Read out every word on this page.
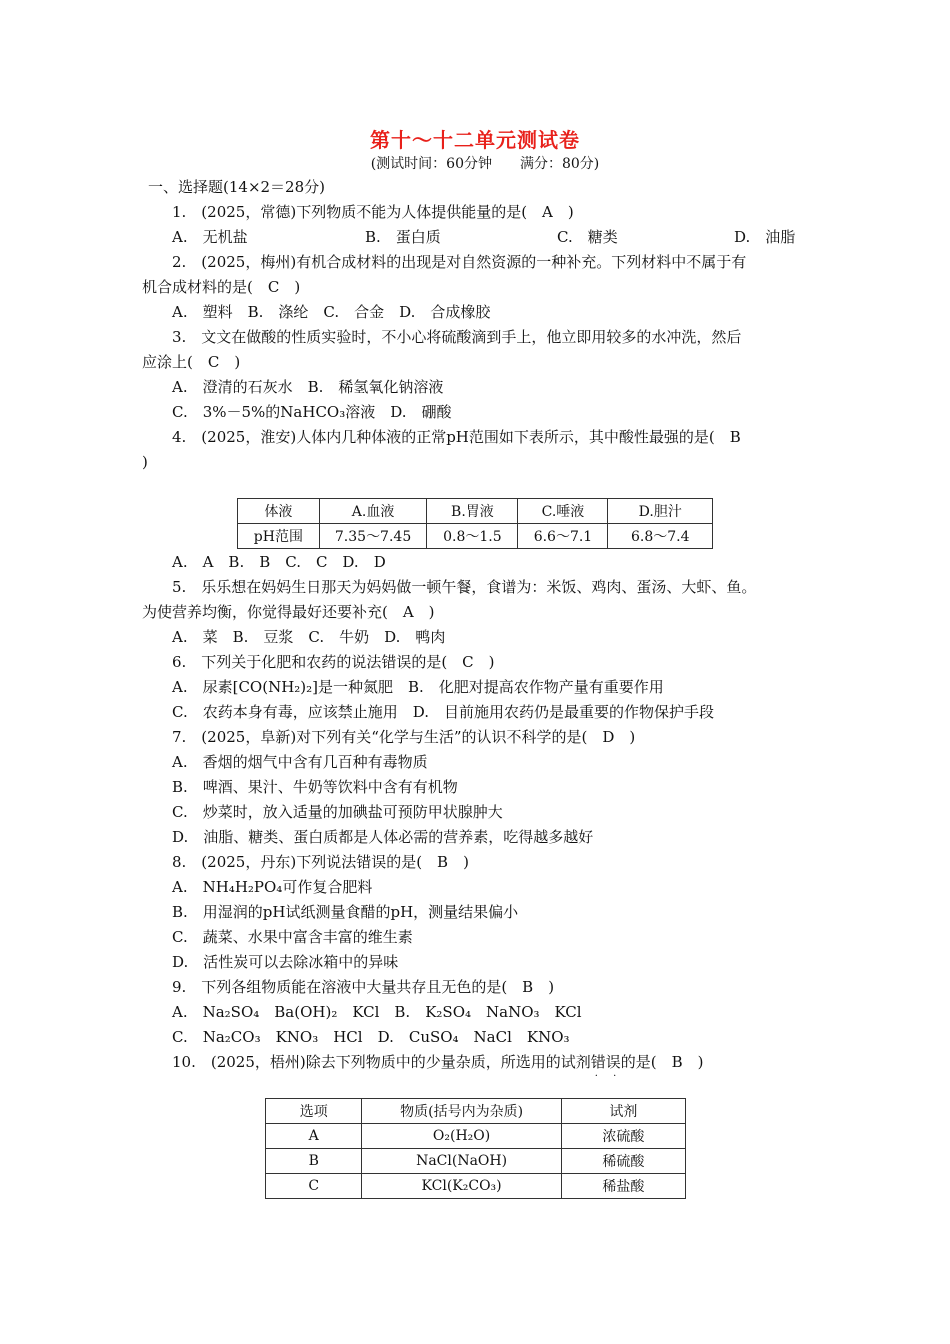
第十～十二单元测试卷
(测试时间：60分钟　　满分：80分)
一、选择题(14×2＝28分)
1.　(2025，常德)下列物质不能为人体提供能量的是(　A　)
A.　无机盐	B.　蛋白质	C.　糖类	D.　油脂
2.　(2025，梅州)有机合成材料的出现是对自然资源的一种补充。下列材料中不属于有
机合成材料的是(　C　)
A.　塑料　B.　涤纶　C.　合金　D.　合成橡胶
3.　文文在做酸的性质实验时，不小心将硫酸滴到手上，他立即用较多的水冲洗，然后
应涂上(　C　)
A.　澄清的石灰水　B.　稀氢氧化钠溶液
C.　3%－5%的NaHCO₃溶液　D.　硼酸
4.　(2025，淮安)人体内几种体液的正常pH范围如下表所示，其中酸性最强的是(　B
)
体液	A.血液	B.胃液	C.唾液	D.胆汁
pH范围	7.35～7.45	0.8～1.5	6.6～7.1	6.8～7.4
A.　A　B.　B　C.　C　D.　D
5.　乐乐想在妈妈生日那天为妈妈做一顿午餐，食谱为：米饭、鸡肉、蛋汤、大虾、鱼。
为使营养均衡，你觉得最好还要补充(　A　)
A.　菜　B.　豆浆　C.　牛奶　D.　鸭肉
6.　下列关于化肥和农药的说法错误的是(　C　)
A.　尿素[CO(NH₂)₂]是一种氮肥　B.　化肥对提高农作物产量有重要作用
C.　农药本身有毒，应该禁止施用　D.　目前施用农药仍是最重要的作物保护手段
7.　(2025，阜新)对下列有关“化学与生活”的认识不科学的是(　D　)
A.　香烟的烟气中含有几百种有毒物质
B.　啤酒、果汁、牛奶等饮料中含有有机物
C.　炒菜时，放入适量的加碘盐可预防甲状腺肿大
D.　油脂、糖类、蛋白质都是人体必需的营养素，吃得越多越好
8.　(2025，丹东)下列说法错误的是(　B　)
A.　NH₄H₂PO₄可作复合肥料
B.　用湿润的pH试纸测量食醋的pH，测量结果偏小
C.　蔬菜、水果中富含丰富的维生素
D.　活性炭可以去除冰箱中的异味
9.　下列各组物质能在溶液中大量共存且无色的是(　B　)
A.　Na₂SO₄　Ba(OH)₂　KCl　B.　K₂SO₄　NaNO₃　KCl
C.　Na₂CO₃　KNO₃　HCl　D.　CuSO₄　NaCl　KNO₃
10.　(2025，梧州)除去下列物质中的少量杂质，所选用的试剂错误 · ·的是(　B　)
选项	物质(括号内为杂质)	试剂
A	O₂(H₂O)	浓硫酸
B	NaCl(NaOH)	稀硫酸
C	KCl(K₂CO₃)	稀盐酸
